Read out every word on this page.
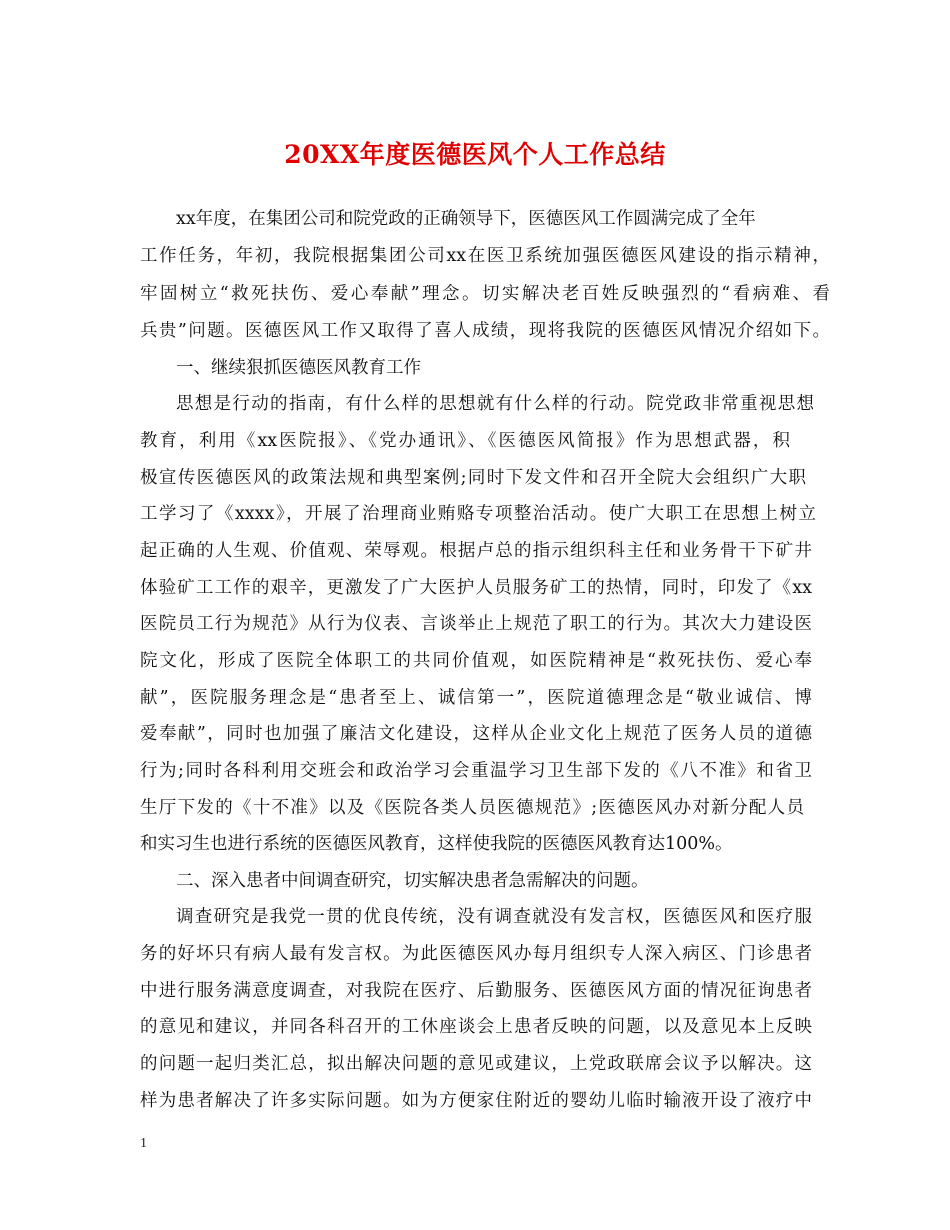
20XX年度医德医风个人工作总结
xx年度，在集团公司和院党政的正确领导下，医德医风工作圆满完成了全年
工作任务，年初，我院根据集团公司xx在医卫系统加强医德医风建设的指示精神，
牢固树立“救死扶伤、爱心奉献”理念。切实解决老百姓反映强烈的“看病难、看
兵贵”问题。医德医风工作又取得了喜人成绩，现将我院的医德医风情况介绍如下。
一、继续狠抓医德医风教育工作
思想是行动的指南，有什么样的思想就有什么样的行动。院党政非常重视思想
教育，利用《xx医院报》、《党办通讯》、《医德医风简报》作为思想武器，积
极宣传医德医风的政策法规和典型案例;同时下发文件和召开全院大会组织广大职
工学习了《xxxx》，开展了治理商业贿赂专项整治活动。使广大职工在思想上树立
起正确的人生观、价值观、荣辱观。根据卢总的指示组织科主任和业务骨干下矿井
体验矿工工作的艰辛，更激发了广大医护人员服务矿工的热情，同时，印发了《xx
医院员工行为规范》从行为仪表、言谈举止上规范了职工的行为。其次大力建设医
院文化，形成了医院全体职工的共同价值观，如医院精神是“救死扶伤、爱心奉
献”，医院服务理念是“患者至上、诚信第一”，医院道德理念是“敬业诚信、博
爱奉献”，同时也加强了廉洁文化建设，这样从企业文化上规范了医务人员的道德
行为;同时各科利用交班会和政治学习会重温学习卫生部下发的《八不准》和省卫
生厅下发的《十不准》以及《医院各类人员医德规范》;医德医风办对新分配人员
和实习生也进行系统的医德医风教育，这样使我院的医德医风教育达100%。
二、深入患者中间调查研究，切实解决患者急需解决的问题。
调查研究是我党一贯的优良传统，没有调查就没有发言权，医德医风和医疗服
务的好坏只有病人最有发言权。为此医德医风办每月组织专人深入病区、门诊患者
中进行服务满意度调查，对我院在医疗、后勤服务、医德医风方面的情况征询患者
的意见和建议，并同各科召开的工休座谈会上患者反映的问题，以及意见本上反映
的问题一起归类汇总，拟出解决问题的意见或建议，上党政联席会议予以解决。这
样为患者解决了许多实际问题。如为方便家住附近的婴幼儿临时输液开设了液疗中
1
